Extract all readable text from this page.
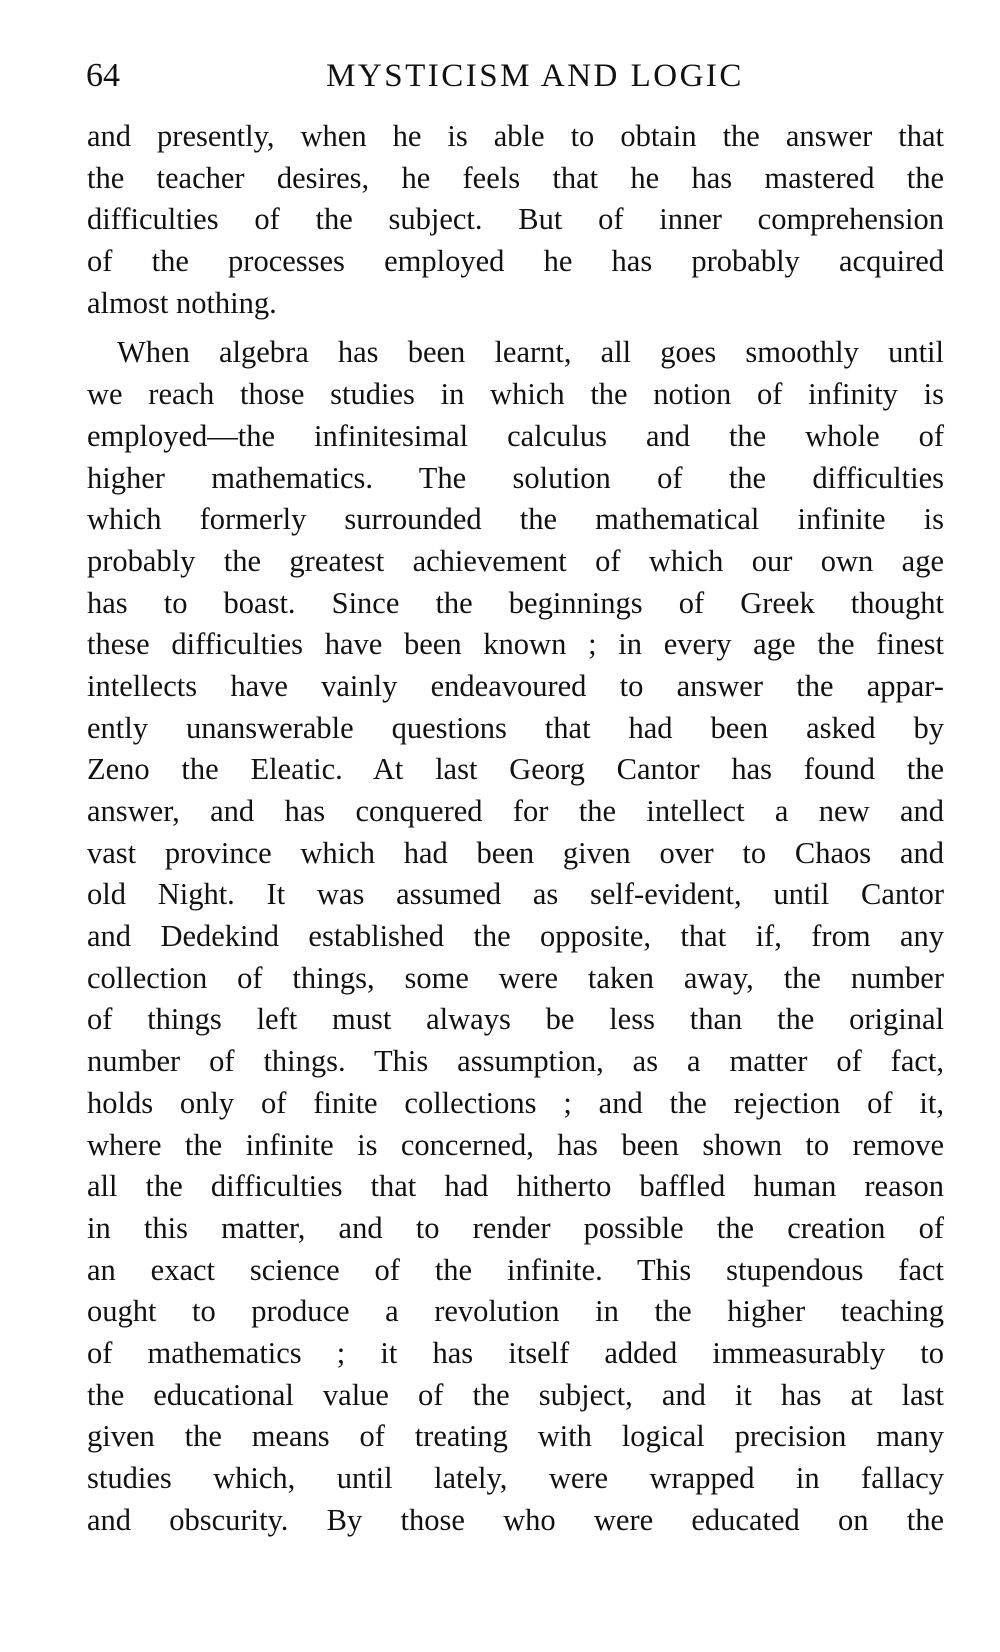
64	MYSTICISM AND LOGIC

and presently, when he is able to obtain the answer that
the teacher desires, he feels that he has mastered the
difficulties of the subject. But of inner comprehension
of the processes employed he has probably acquired
almost nothing.

When algebra has been learnt, all goes smoothly until
we reach those studies in which the notion of infinity is
employed—the infinitesimal calculus and the whole of
higher mathematics. The solution of the difficulties
which formerly surrounded the mathematical infinite is
probably the greatest achievement of which our own age
has to boast. Since the beginnings of Greek thought
these difficulties have been known ; in every age the finest
intellects have vainly endeavoured to answer the appar-
ently unanswerable questions that had been asked by
Zeno the Eleatic. At last Georg Cantor has found the
answer, and has conquered for the intellect a new and
vast province which had been given over to Chaos and
old Night. It was assumed as self-evident, until Cantor
and Dedekind established the opposite, that if, from any
collection of things, some were taken away, the number
of things left must always be less than the original
number of things. This assumption, as a matter of fact,
holds only of finite collections ; and the rejection of it,
where the infinite is concerned, has been shown to remove
all the difficulties that had hitherto baffled human reason
in this matter, and to render possible the creation of
an exact science of the infinite. This stupendous fact
ought to produce a revolution in the higher teaching
of mathematics ; it has itself added immeasurably to
the educational value of the subject, and it has at last
given the means of treating with logical precision many
studies which, until lately, were wrapped in fallacy
and obscurity. By those who were educated on the
